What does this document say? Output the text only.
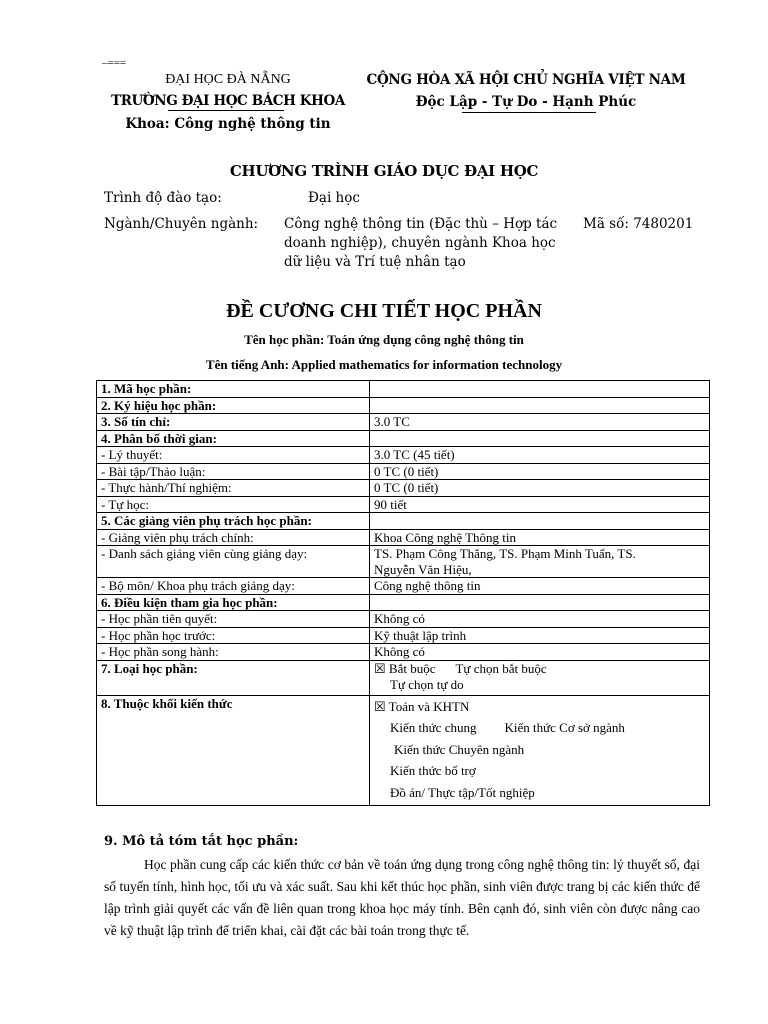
–===
ĐẠI HỌC ĐÀ NẴNG
TRƯỜNG ĐẠI HỌC BÁCH KHOA
Khoa: Công nghệ thông tin
CỘNG HÒA XÃ HỘI CHỦ NGHĨA VIỆT NAM
Độc Lập - Tự Do - Hạnh Phúc
CHƯƠNG TRÌNH GIÁO DỤC ĐẠI HỌC
Trình độ đào tạo:	Đại học
Ngành/Chuyên ngành: Công nghệ thông tin (Đặc thù – Hợp tác
doanh nghiệp), chuyên ngành Khoa học
dữ liệu và Trí tuệ nhân tạo
Mã số: 7480201
ĐỀ CƯƠNG CHI TIẾT HỌC PHẦN
Tên học phần: Toán ứng dụng công nghệ thông tin
Tên tiếng Anh: Applied mathematics for information technology
1. Mã học phần:	
2. Ký hiệu học phần:	
3. Số tín chỉ:	3.0 TC
4. Phân bố thời gian:	
- Lý thuyết:	3.0 TC (45 tiết)
- Bài tập/Thảo luận:	0 TC (0 tiết)
- Thực hành/Thí nghiệm:	0 TC (0 tiết)
- Tự học:	90 tiết
5. Các giảng viên phụ trách học phần:	
- Giảng viên phụ trách chính:	Khoa Công nghệ Thông tin
- Danh sách giảng viên cùng giảng dạy:	TS. Phạm Công Thắng, TS. Phạm Minh Tuấn, TS.
Nguyễn Văn Hiệu,

- Bộ môn/ Khoa phụ trách giảng dạy:	Công nghệ thông tin
6. Điều kiện tham gia học phần:	
- Học phần tiên quyết:	Không có
- Học phần học trước:	Kỹ thuật lập trình
- Học phần song hành:	Không có
7. Loại học phần:	☒ Bắt buộc Tự chọn bắt buộc
Tự chọn tự do

8. Thuộc khối kiến thức	☒ Toán và KHTN
Kiến thức chung Kiến thức Cơ sở ngành
Kiến thức Chuyên ngành
Kiến thức bổ trợ
Đồ án/ Thực tập/Tốt nghiệp
9. Mô tả tóm tắt học phần:

Học phần cung cấp các kiến thức cơ bản về toán ứng dụng trong công nghệ thông tin: lý thuyết số, đại số tuyến tính, hình học, tối ưu và xác suất. Sau khi kết thúc học phần, sinh viên được trang bị các kiến thức để lập trình giải quyết các vấn đề liên quan trong khoa học máy tính. Bên cạnh đó, sinh viên còn được nâng cao về kỹ thuật lập trình để triển khai, cài đặt các bài toán trong thực tế.
